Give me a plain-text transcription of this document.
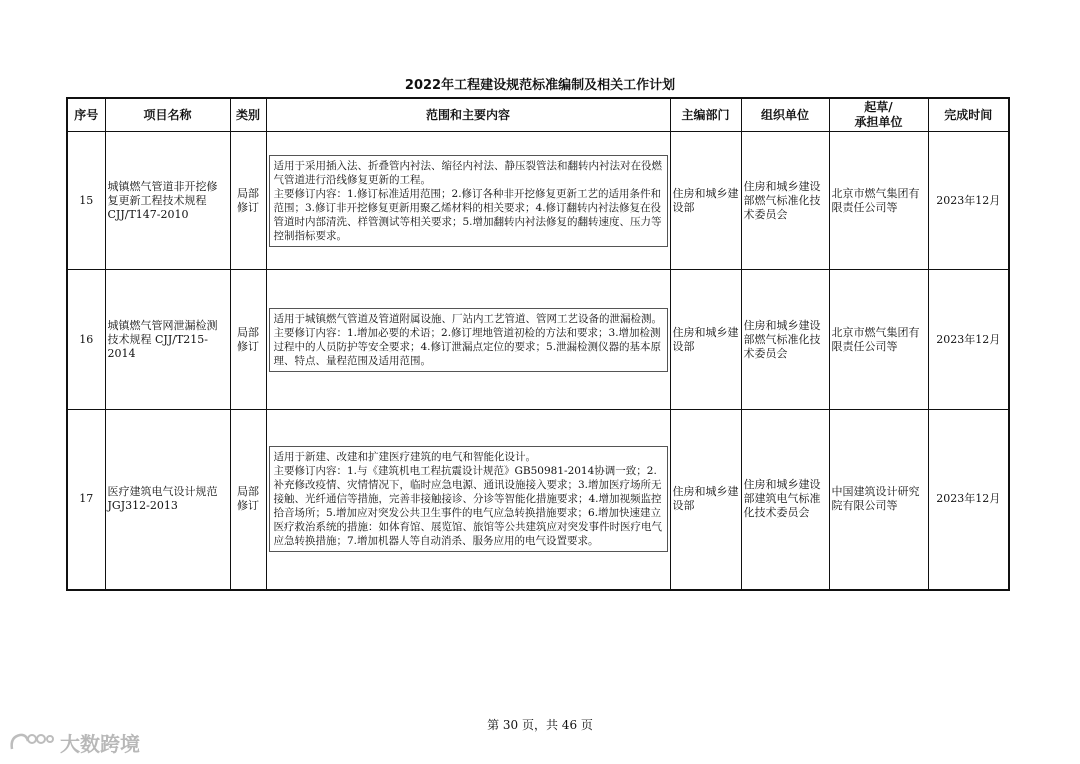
2022年工程建设规范标准编制及相关工作计划
序号	项目名称	类别	范围和主要内容	主编部门	组织单位	起草/
承担单位	完成时间
15	城镇燃气管道非开挖修复更新工程技术规程 CJJ/T147-2010	局部修订	适用于采用插入法、折叠管内衬法、缩径内衬法、静压裂管法和翻转内衬法对在役燃气管道进行沿线修复更新的工程。
主要修订内容：1.修订标准适用范围；2.修订各种非开挖修复更新工艺的适用条件和范围；3.修订非开挖修复更新用聚乙烯材料的相关要求；4.修订翻转内衬法修复在役管道时内部清洗、样管测试等相关要求；5.增加翻转内衬法修复的翻转速度、压力等控制指标要求。	住房和城乡建设部	住房和城乡建设部燃气标准化技术委员会	北京市燃气集团有限责任公司等	2023年12月
16	城镇燃气管网泄漏检测技术规程 CJJ/T215-2014	局部修订	适用于城镇燃气管道及管道附属设施、厂站内工艺管道、管网工艺设备的泄漏检测。
主要修订内容：1.增加必要的术语；2.修订埋地管道初检的方法和要求；3.增加检测过程中的人员防护等安全要求；4.修订泄漏点定位的要求；5.泄漏检测仪器的基本原理、特点、量程范围及适用范围。	住房和城乡建设部	住房和城乡建设部燃气标准化技术委员会	北京市燃气集团有限责任公司等	2023年12月
17	医疗建筑电气设计规范JGJ312-2013	局部修订	适用于新建、改建和扩建医疗建筑的电气和智能化设计。
主要修订内容：1.与《建筑机电工程抗震设计规范》GB50981-2014协调一致；2.补充修改疫情、灾情情况下，临时应急电源、通讯设施接入要求；3.增加医疗场所无接触、光纤通信等措施，完善非接触接诊、分诊等智能化措施要求；4.增加视频监控拾音场所；5.增加应对突发公共卫生事件的电气应急转换措施要求；6.增加快速建立医疗救治系统的措施：如体育馆、展览馆、旅馆等公共建筑应对突发事件时医疗电气应急转换措施；7.增加机器人等自动消杀、服务应用的电气设置要求。	住房和城乡建设部	住房和城乡建设部建筑电气标准化技术委员会	中国建筑设计研究院有限公司等	2023年12月
第 30 页，共 46 页
大数跨境
